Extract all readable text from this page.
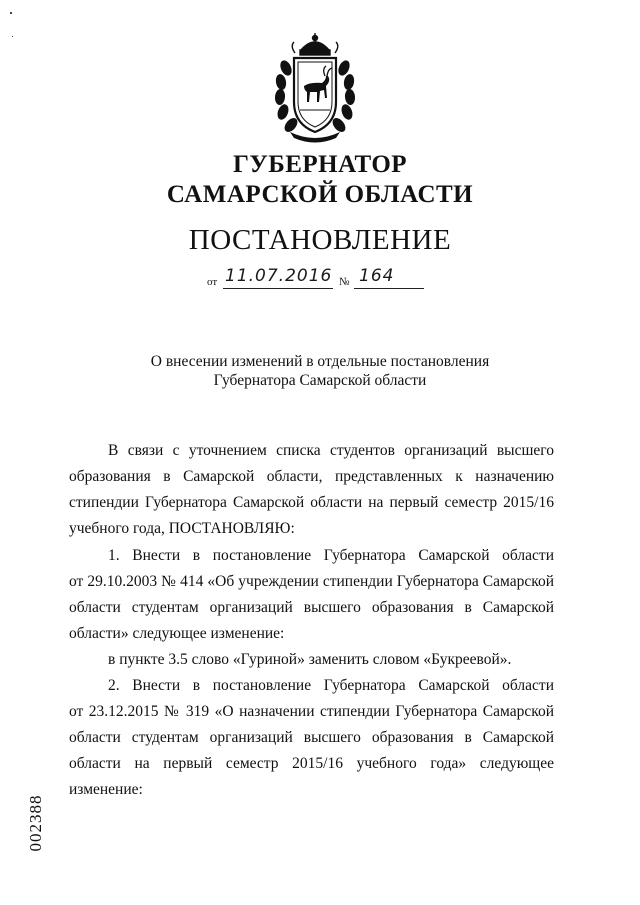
ГУБЕРНАТОР
САМАРСКОЙ ОБЛАСТИ
ПОСТАНОВЛЕНИЕ
от 11.07.2016 № 164
О внесении изменений в отдельные постановления
Губернатора Самарской области
В связи с уточнением списка студентов организаций высшего
образования в Самарской области, представленных к назначению
стипендии Губернатора Самарской области на первый семестр 2015/16
учебного года, ПОСТАНОВЛЯЮ:
1. Внести в постановление Губернатора Самарской области
от 29.10.2003 № 414 «Об учреждении стипендии Губернатора Самарской
области студентам организаций высшего образования в Самарской
области» следующее изменение:
в пункте 3.5 слово «Гуриной» заменить словом «Букреевой».
2. Внести в постановление Губернатора Самарской области
от 23.12.2015 № 319 «О назначении стипендии Губернатора Самарской
области студентам организаций высшего образования в Самарской
области на первый семестр 2015/16 учебного года» следующее
изменение:
002388
